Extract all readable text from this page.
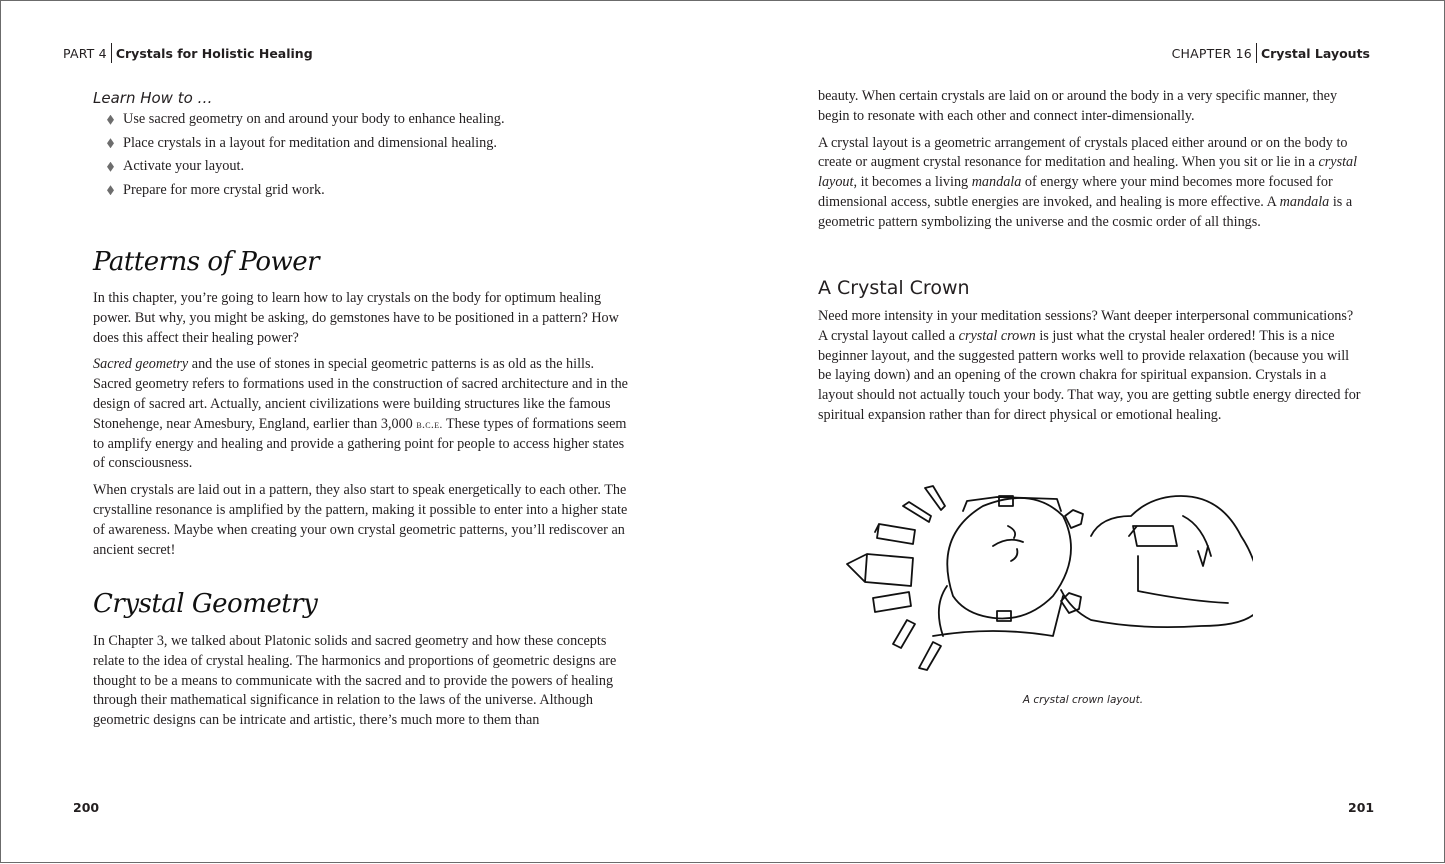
PART 4 Crystals for Holistic Healing
Learn How to …
Use sacred geometry on and around your body to enhance healing.
Place crystals in a layout for meditation and dimensional healing.
Activate your layout.
Prepare for more crystal grid work.
Patterns of Power

In this chapter, you’re going to learn how to lay crystals on the body for optimum healing power. But why, you might be asking, do gemstones have to be positioned in a pattern? How does this affect their healing power?

Sacred geometry and the use of stones in special geometric patterns is as old as the hills. Sacred geometry refers to formations used in the construction of sacred architecture and in the design of sacred art. Actually, ancient civilizations were building structures like the famous Stonehenge, near Amesbury, England, earlier than 3,000 b.c.e. These types of formations seem to amplify energy and healing and provide a gathering point for people to access higher states of consciousness.

When crystals are laid out in a pattern, they also start to speak energetically to each other. The crystalline resonance is amplified by the pattern, making it possible to enter into a higher state of awareness. Maybe when creating your own crystal geometric patterns, you’ll rediscover an ancient secret!

Crystal Geometry

In Chapter 3, we talked about Platonic solids and sacred geometry and how these concepts relate to the idea of crystal healing. The harmonics and proportions of geometric designs are thought to be a means to communicate with the sacred and to provide the powers of healing through their mathematical significance in relation to the laws of the universe. Although geometric designs can be intricate and artistic, there’s much more to them than

200
CHAPTER 16 Crystal Layouts

beauty. When certain crystals are laid on or around the body in a very specific manner, they begin to resonate with each other and connect inter-dimensionally.

A crystal layout is a geometric arrangement of crystals placed either around or on the body to create or augment crystal resonance for meditation and healing. When you sit or lie in a crystal layout, it becomes a living mandala of energy where your mind becomes more focused for dimensional access, subtle energies are invoked, and healing is more effective. A mandala is a geometric pattern symbolizing the universe and the cosmic order of all things.

A Crystal Crown

Need more intensity in your meditation sessions? Want deeper interpersonal communications? A crystal layout called a crystal crown is just what the crystal healer ordered! This is a nice beginner layout, and the suggested pattern works well to provide relaxation (because you will be laying down) and an opening of the crown chakra for spiritual expansion. Crystals in a layout should not actually touch your body. That way, you are getting subtle energy directed for spiritual expansion rather than for direct physical or emotional healing.

A crystal crown layout.
201
